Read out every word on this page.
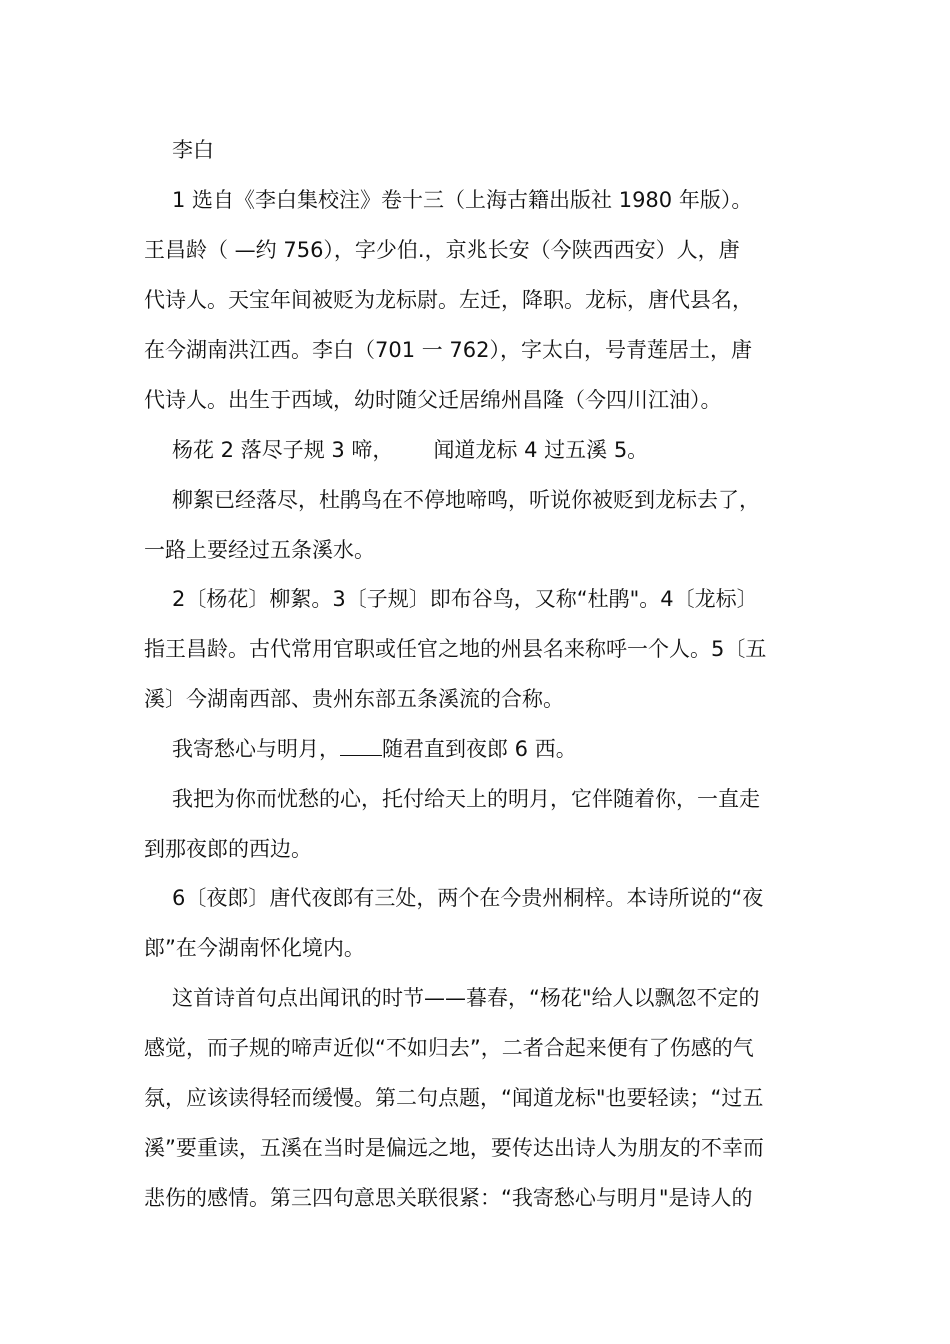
李白
1 选自《李白集校注》卷十三（上海古籍出版社 1980 年版）。
王昌龄（ —约 756），字少伯.，京兆长安（今陕西西安）人，唐
代诗人。天宝年间被贬为龙标尉。左迁，降职。龙标，唐代县名，
在今湖南洪江西。李白（701 一 762），字太白，号青莲居土，唐
代诗人。出生于西域，幼时随父迁居绵州昌隆（今四川江油）。
杨花 2 落尽子规 3 啼， 闻道龙标 4 过五溪 5。
柳絮已经落尽，杜鹃鸟在不停地啼鸣，听说你被贬到龙标去了，
一路上要经过五条溪水。
2〔杨花〕柳絮。3〔子规〕即布谷鸟，又称“杜鹃"。4〔龙标〕
指王昌龄。古代常用官职或任官之地的州县名来称呼一个人。5〔五
溪〕今湖南西部、贵州东部五条溪流的合称。
我寄愁心与明月， 随君直到夜郎 6 西。
我把为你而忧愁的心，托付给天上的明月，它伴随着你，一直走
到那夜郎的西边。
6〔夜郎〕唐代夜郎有三处，两个在今贵州桐梓。本诗所说的“夜
郎”在今湖南怀化境内。
这首诗首句点出闻讯的时节——暮春，“杨花"给人以飘忽不定的
感觉，而子规的啼声近似“不如归去”，二者合起来便有了伤感的气
氛，应该读得轻而缓慢。第二句点题，“闻道龙标"也要轻读；“过五
溪”要重读，五溪在当时是偏远之地，要传达出诗人为朋友的不幸而
悲伤的感情。第三四句意思关联很紧：“我寄愁心与明月"是诗人的
